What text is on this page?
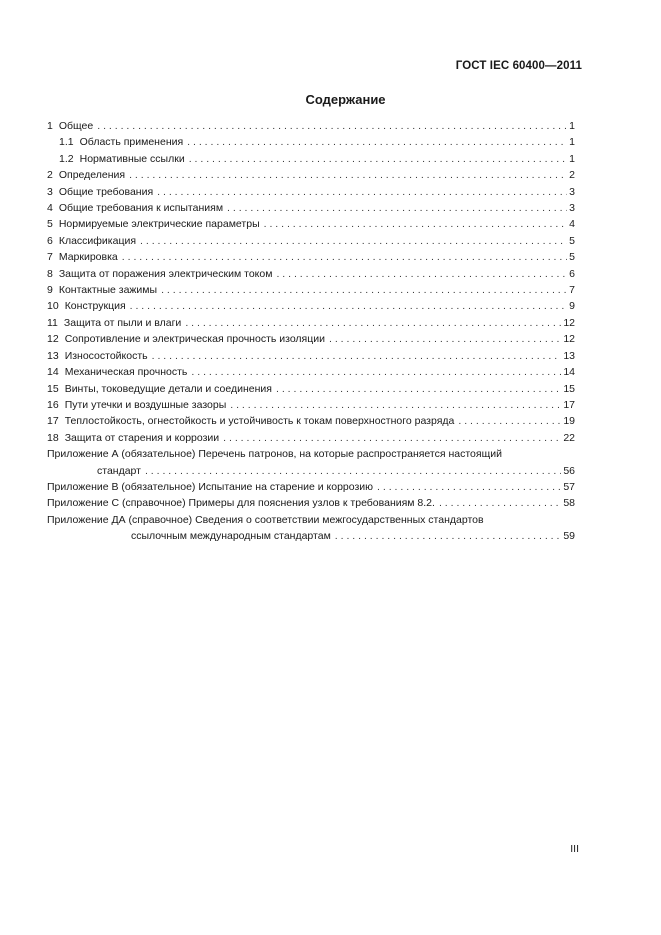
ГОСТ IEC 60400—2011
Содержание
1 Общее . . .	1
1.1 Область применения . . .	1
1.2 Нормативные ссылки . . .	1
2 Определения . . .	2
3 Общие требования . . .	3
4 Общие требования к испытаниям . . .	3
5 Нормируемые электрические параметры . . .	4
6 Классификация . . .	5
7 Маркировка . . .	5
8 Защита от поражения электрическим током . . .	6
9 Контактные зажимы . . .	7
10 Конструкция . . .	9
11 Защита от пыли и влаги . . .	12
12 Сопротивление и электрическая прочность изоляции . . .	12
13 Износостойкость . . .	13
14 Механическая прочность . . .	14
15 Винты, токоведущие детали и соединения . . .	15
16 Пути утечки и воздушные зазоры . . .	17
17 Теплостойкость, огнестойкость и устойчивость к токам поверхностного разряда . . .	19
18 Защита от старения и коррозии . . .	22
Приложение А (обязательное) Перечень патронов, на которые распространяется настоящий
стандарт . . .	56
Приложение В (обязательное) Испытание на старение и коррозию . . .	57
Приложение С (справочное) Примеры для пояснения узлов к требованиям 8.2. . . .	58
Приложение ДА (справочное) Сведения о соответствии межгосударственных стандартов
ссылочным международным стандартам . . .	59
III
